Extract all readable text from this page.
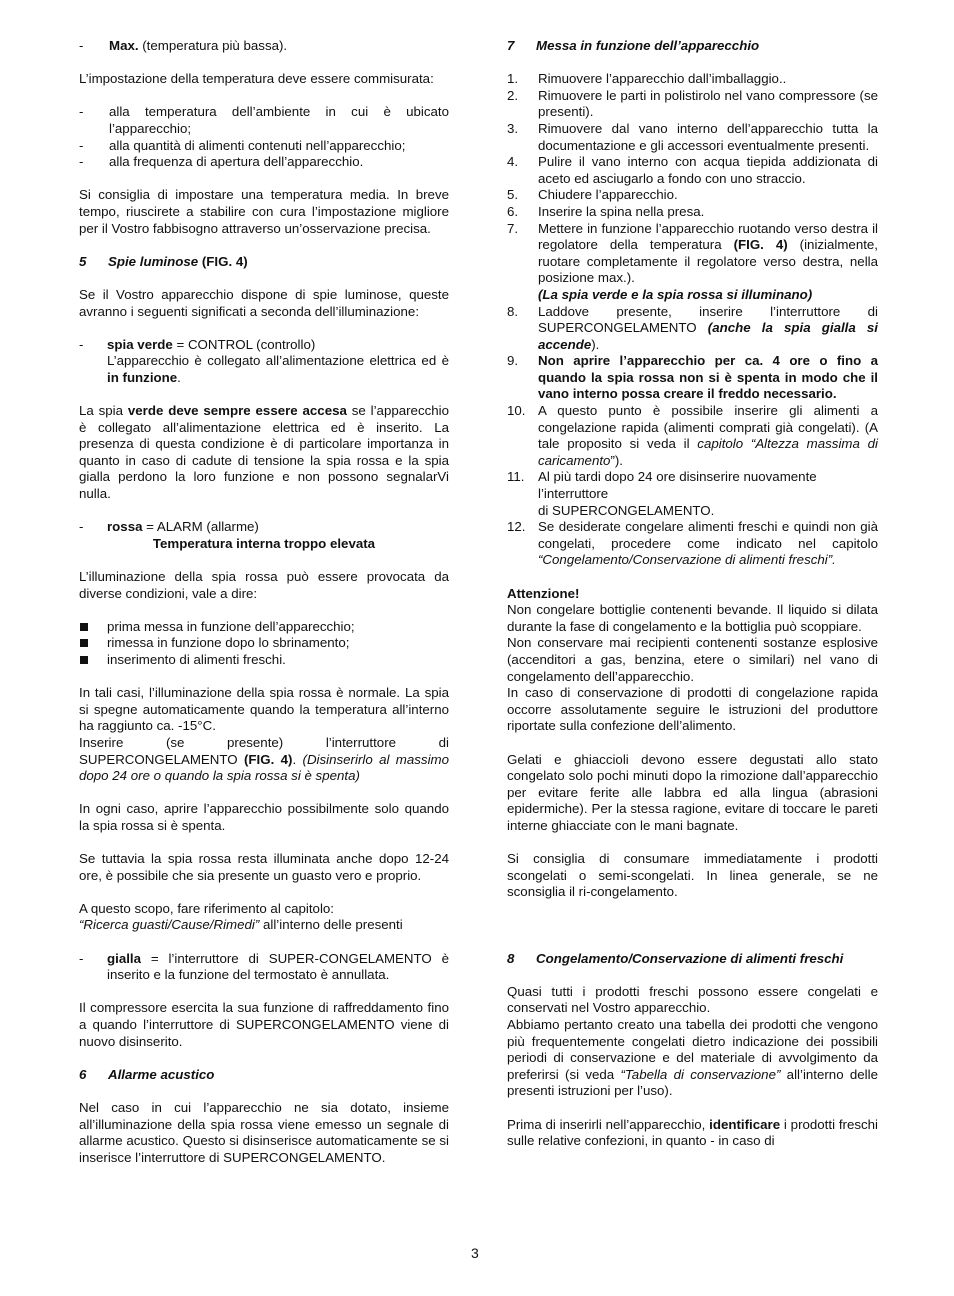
-	Max. (temperatura più bassa).

L’impostazione della temperatura deve essere commisurata:

-	alla temperatura dell’ambiente in cui è ubicato l’apparecchio;
-	alla quantità di alimenti contenuti nell’apparecchio;
-	alla frequenza di apertura dell’apparecchio.

Si consiglia di impostare una temperatura media. In breve tempo, riuscirete a stabilire con cura l’impostazione migliore per il Vostro fabbisogno attraverso un’osservazione precisa.

5 Spie luminose (FIG. 4)

Se il Vostro apparecchio dispone di spie luminose, queste avranno i seguenti significati a seconda dell’illuminazione:

-	spia verde = CONTROL (controllo)
L’apparecchio è collegato all’alimentazione elettrica ed è in funzione.

La spia verde deve sempre essere accesa se l’apparecchio è collegato all’alimentazione elettrica ed è inserito. La presenza di questa condizione è di particolare importanza in quanto in caso di cadute di tensione la spia rossa e la spia gialla perdono la loro funzione e non possono segnalarVi nulla.

-	rossa = ALARM (allarme)
Temperatura interna troppo elevata

L’illuminazione della spia rossa può essere provocata da diverse condizioni, vale a dire:

prima messa in funzione dell’apparecchio;
rimessa in funzione dopo lo sbrinamento;
inserimento di alimenti freschi.

In tali casi, l’illuminazione della spia rossa è normale. La spia si spegne automaticamente quando la temperatura all’interno ha raggiunto ca. -15°C.

Inserire (se presente) l’interruttore di SUPERCONGELAMENTO (FIG. 4). (Disinserirlo al massimo dopo 24 ore o quando la spia rossa si è spenta)

In ogni caso, aprire l’apparecchio possibilmente solo quando la spia rossa si è spenta.

Se tuttavia la spia rossa resta illuminata anche dopo 12-24 ore, è possibile che sia presente un guasto vero e proprio.

A questo scopo, fare riferimento al capitolo:
“Ricerca guasti/Cause/Rimedi” all’interno delle presenti

-	gialla = l’interruttore di SUPER-CONGELAMENTO è inserito e la funzione del termostato è annullata.

Il compressore esercita la sua funzione di raffreddamento fino a quando l’interruttore di SUPERCONGELAMENTO viene di nuovo disinserito.

6 Allarme acustico

Nel caso in cui l’apparecchio ne sia dotato, insieme all’illuminazione della spia rossa viene emesso un segnale di allarme acustico. Questo si disinserisce automaticamente se si inserisce l’interruttore di SUPERCONGELAMENTO.

7 Messa in funzione dell’apparecchio

1.	Rimuovere l’apparecchio dall’imballaggio..
2.	Rimuovere le parti in polistirolo nel vano compressore (se presenti).
3.	Rimuovere dal vano interno dell’apparecchio tutta la documentazione e gli accessori eventualmente presenti.
4.	Pulire il vano interno con acqua tiepida addizionata di aceto ed asciugarlo a fondo con uno straccio.
5.	Chiudere l’apparecchio.
6.	Inserire la spina nella presa.
7.	Mettere in funzione l’apparecchio ruotando verso destra il regolatore della temperatura (FIG. 4) (inizialmente, ruotare completamente il regolatore verso destra, nella posizione max.).
(La spia verde e la spia rossa si illuminano)
8.	Laddove presente, inserire l’interruttore di SUPERCONGELAMENTO (anche la spia gialla si accende).
9.	Non aprire l’apparecchio per ca. 4 ore o fino a quando la spia rossa non si è spenta in modo che il vano interno possa creare il freddo necessario.
10. A questo punto è possibile inserire gli alimenti a congelazione rapida (alimenti comprati già congelati). (A tale proposito si veda il capitolo “Altezza massima di caricamento”).
11.	Al più tardi dopo 24 ore disinserire nuovamente l’interruttore
di SUPERCONGELAMENTO.
12. Se desiderate congelare alimenti freschi e quindi non già congelati, procedere come indicato nel capitolo “Congelamento/Conservazione di alimenti freschi”.

Attenzione!

Non congelare bottiglie contenenti bevande. Il liquido si dilata durante la fase di congelamento e la bottiglia può scoppiare.

Non conservare mai recipienti contenenti sostanze esplosive (accenditori a gas, benzina, etere o similari) nel vano di congelamento dell’apparecchio.

In caso di conservazione di prodotti di congelazione rapida occorre assolutamente seguire le istruzioni del produttore riportate sulla confezione dell’alimento.

Gelati e ghiaccioli devono essere degustati allo stato congelato solo pochi minuti dopo la rimozione dall’apparecchio per evitare ferite alle labbra ed alla lingua (abrasioni epidermiche). Per la stessa ragione, evitare di toccare le pareti interne ghiacciate con le mani bagnate.

Si consiglia di consumare immediatamente i prodotti scongelati o semi-scongelati. In linea generale, se ne sconsiglia il ri-congelamento.

8 Congelamento/Conservazione di alimenti freschi

Quasi tutti i prodotti freschi possono essere congelati e conservati nel Vostro apparecchio.

Abbiamo pertanto creato una tabella dei prodotti che vengono più frequentemente congelati dietro indicazione dei possibili periodi di conservazione e del materiale di avvolgimento da preferirsi (si veda “Tabella di conservazione” all’interno delle presenti istruzioni per l’uso).

Prima di inserirli nell’apparecchio, identificare i prodotti freschi sulle relative confezioni, in quanto - in caso di

3
